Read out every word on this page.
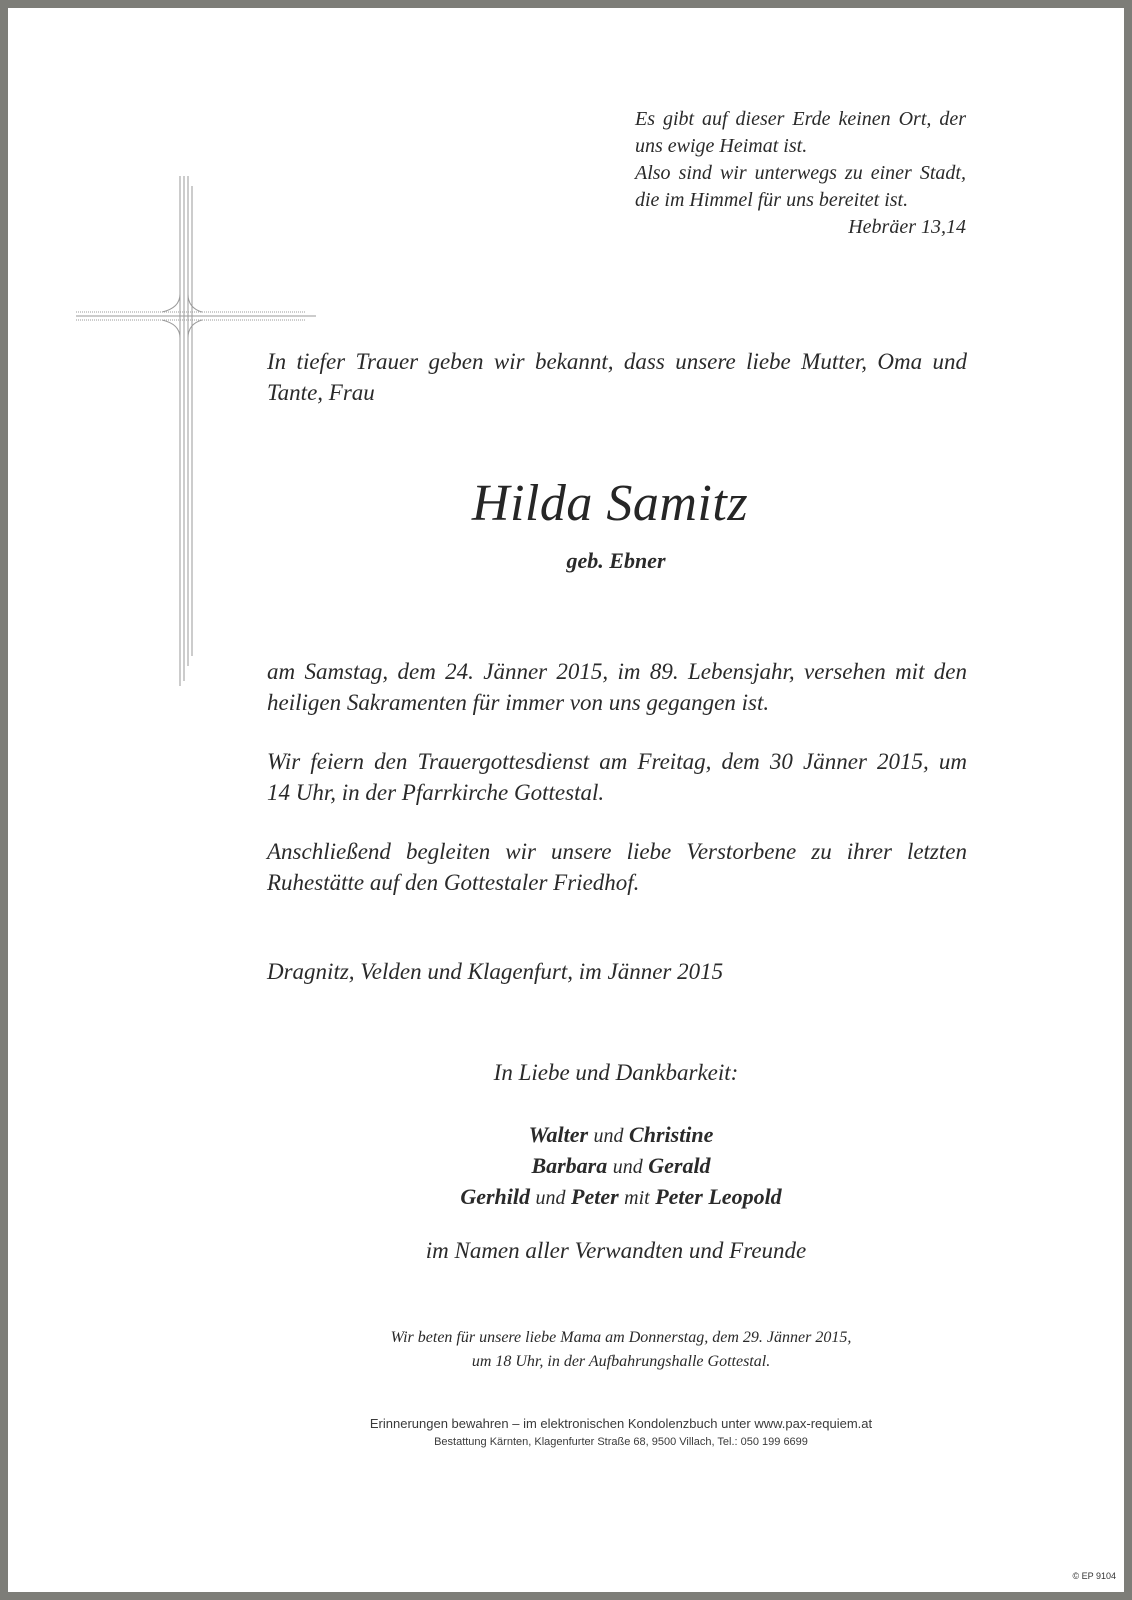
Es gibt auf dieser Erde keinen Ort, der
uns ewige Heimat ist.
Also sind wir unterwegs zu einer Stadt,
die im Himmel für uns bereitet ist.
Hebräer 13,14
In tiefer Trauer geben wir bekannt, dass unsere liebe Mutter, Oma und
Tante, Frau
Hilda Samitz
geb. Ebner
am Samstag, dem 24. Jänner 2015, im 89. Lebensjahr, versehen mit den
heiligen Sakramenten für immer von uns gegangen ist.
Wir feiern den Trauergottesdienst am Freitag, dem 30 Jänner 2015, um
14 Uhr, in der Pfarrkirche Gottestal.
Anschließend begleiten wir unsere liebe Verstorbene zu ihrer letzten
Ruhestätte auf den Gottestaler Friedhof.
Dragnitz, Velden und Klagenfurt, im Jänner 2015
In Liebe und Dankbarkeit:
Walter und Christine
Barbara und Gerald
Gerhild und Peter mit Peter Leopold
im Namen aller Verwandten und Freunde
Wir beten für unsere liebe Mama am Donnerstag, dem 29. Jänner 2015,
um 18 Uhr, in der Aufbahrungshalle Gottestal.
Erinnerungen bewahren – im elektronischen Kondolenzbuch unter www.pax-requiem.at
Bestattung Kärnten, Klagenfurter Straße 68, 9500 Villach, Tel.: 050 199 6699
© EP 9104
